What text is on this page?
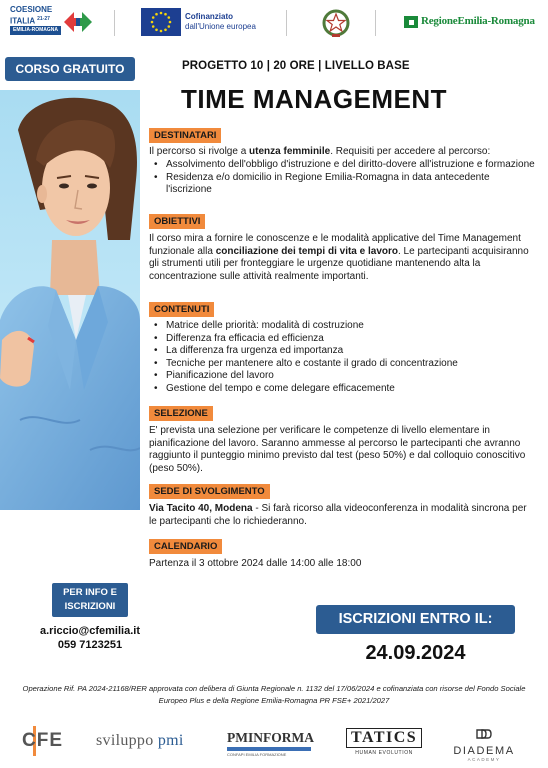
COESIONE
ITALIA $^{21-27}$
EMILIA-ROMAGNA
Cofinanziato
dall'Unione europea	RegioneEmilia-Romagna
CORSO GRATUITO	PROGETTO 10 | 20 ORE | LIVELLO BASE
TIME MANAGEMENT
DESTINATARI
Il percorso si rivolge a utenza femminile. Requisiti per accedere al percorso:
• Assolvimento dell'obbligo d'istruzione e del diritto-dovere all'istruzione e formazione
• Residenza e/o domicilio in Regione Emilia-Romagna in data antecedente l'iscrizione
OBIETTIVI
Il corso mira a fornire le conoscenze e le modalità applicative del Time Management funzionale alla conciliazione dei tempi di vita e lavoro. Le partecipanti acquisiranno gli strumenti utili per fronteggiare le urgenze quotidiane mantenendo alta la concentrazione sulle attività realmente importanti.
CONTENUTI
• Matrice delle priorità: modalità di costruzione
• Differenza fra efficacia ed efficienza
• La differenza fra urgenza ed importanza
• Tecniche per mantenere alto e costante il grado di concentrazione
• Pianificazione del lavoro
• Gestione del tempo e come delegare efficacemente
SELEZIONE
E' prevista una selezione per verificare le competenze di livello elementare in pianificazione del lavoro. Saranno ammesse al percorso le partecipanti che avranno raggiunto il punteggio minimo previsto dal test (peso 50%) e dal colloquio conoscitivo (peso 50%).
SEDE DI SVOLGIMENTO
Via Tacito 40, Modena - Si farà ricorso alla videoconferenza in modalità sincrona per le partecipanti che lo richiederanno.
CALENDARIO
Partenza il 3 ottobre 2024 dalle 14:00 alle 18:00
PER INFO E
ISCRIZIONI
a.riccio@cfemilia.it
059 7123251
ISCRIZIONI ENTRO IL:
24.09.2024
Operazione Rif. PA 2024-21168/RER approvata con delibera di Giunta Regionale n. 1132 del 17/06/2024 e cofinanziata con risorse del Fondo Sociale
Europeo Plus e della Regione Emilia-Romagna PR FSE+ 2021/2027
CFE sviluppo pmi	PMINFORMA
CONFAPI EMILIA FORMAZIONE
TATICS
HUMAN EVOLUTION	DIADEMA
ACADEMY
